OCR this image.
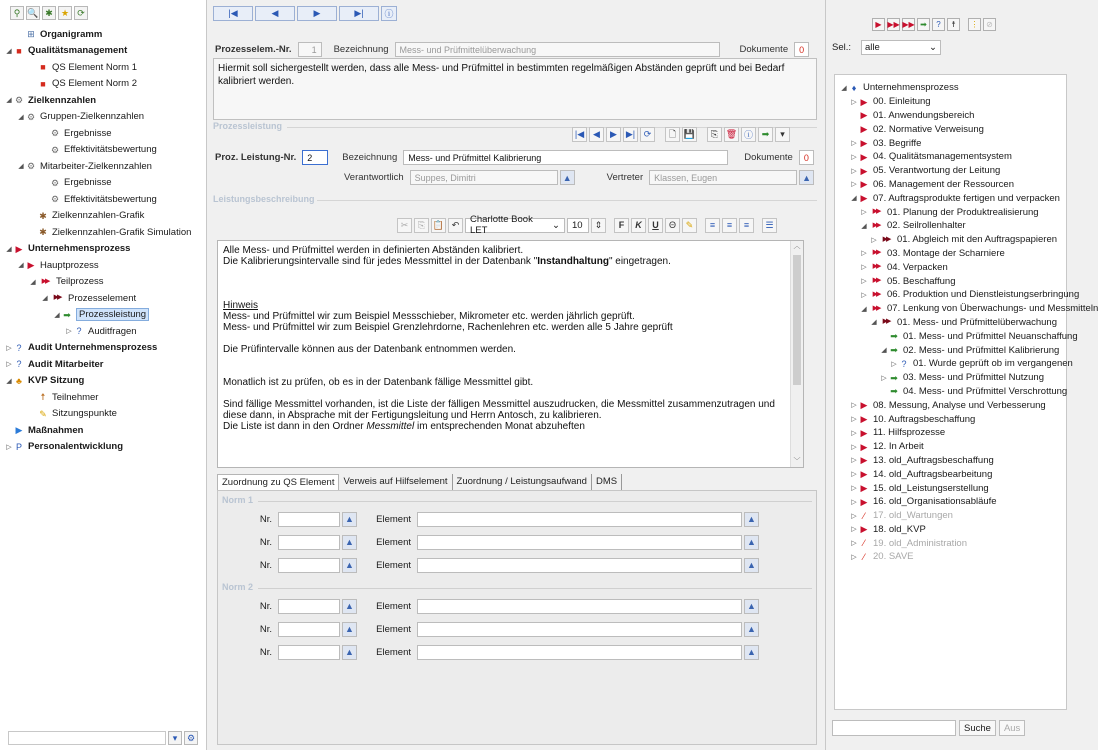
⚲ 🔍 ✱ ★ ⟳
⊞ Organigramm
◢ ■ Qualitätsmanagement
■ QS Element Norm 1
■ QS Element Norm 2
◢ ⚙ Zielkennzahlen
◢ ⚙ Gruppen-Zielkennzahlen
⚙ Ergebnisse
⚙ Effektivitätsbewertung
◢ ⚙ Mitarbeiter-Zielkennzahlen
⚙ Ergebnisse
⚙ Effektivitätsbewertung
✱ Zielkennzahlen-Grafik
✱ Zielkennzahlen-Grafik Simulation
◢ ▶ Unternehmensprozess
◢ ▶ Hauptprozess
◢ ▶▶ Teilprozess
◢ ▶▶ Prozesselement
◢ ➡ Prozessleistung
▷ ? Auditfragen
▷ ? Audit Unternehmensprozess
▷ ? Audit Mitarbeiter
◢ ♣ KVP Sitzung
☨ Teilnehmer
✎ Sitzungspunkte
▶ Maßnahmen
▷ P Personalentwicklung
▾	⚙
|◀	◀	▶	▶|	ⓘ
Prozesselem.-Nr.	1	Bezeichnung	Mess- und Prüfmittelüberwachung	Dokumente	0
Hiermit soll sichergestellt werden, dass alle Mess- und Prüfmittel in bestimmten regelmäßigen Abständen geprüft und bei Bedarf kalibriert werden.
Prozessleistung
|◀ ◀	▶ ▶| ⟳	🗋 💾	⎘ 🗑 ⓘ ➡	▾
Proz. Leistung-Nr.	2	Bezeichnung	Mess- und Prüfmittel Kalibrierung	Dokumente	0
Verantwortlich	Suppes, Dimitri	▲	Vertreter	Klassen, Eugen	▲
Leistungsbeschreibung
✂	⎘ 📋 ↶	Charlotte Book LET	⌄	10	⇕	F	K	U	Θ	✎	≡	≡	≡	☰

Alle Mess- und Prüfmittel werden in definierten Abständen kalibriert.
Die Kalibrierungsintervalle sind für jedes Messmittel in der Datenbank "Instandhaltung" eingetragen.

Hinweis
Mess- und Prüfmittel wir zum Beispiel Messschieber, Mikrometer etc. werden jährlich geprüft.
Mess- und Prüfmittel wir zum Beispiel Grenzlehrdorne, Rachenlehren etc. werden alle 5 Jahre geprüft

Die Prüfintervalle können aus der Datenbank entnommen werden.

Monatlich ist zu prüfen, ob es in der Datenbank fällige Messmittel gibt.

Sind fällige Messmittel vorhanden, ist die Liste der fälligen Messmittel auszudrucken, die Messmittel zusammenzutragen und
diese dann, in Absprache mit der Fertigungsleitung und Herrn Antosch, zu kalibrieren.
Die Liste ist dann in den Ordner Messmittel im entsprechenden Monat abzuheften

︿
﹀
Zuordnung zu QS Element Verweis auf Hilfselement Zuordnung / Leistungsaufwand DMS
Norm 1
Nr.	▲	Element	▲
Nr.	▲	Element	▲
Nr.	▲	Element	▲
Norm 2
Nr.	▲	Element	▲
Nr.	▲	Element	▲
Nr.	▲	Element	▲
▶ ▶▶ ▶▶ ➡	?	☨	⋮ ⊘
Sel.: alle	⌄
◢ ♦ Unternehmensprozess
▷ ▶ 00. Einleitung
▶ 01. Anwendungsbereich
▶ 02. Normative Verweisung
▷ ▶ 03. Begriffe
▷ ▶ 04. Qualitätsmanagementsystem
▷ ▶ 05. Verantwortung der Leitung
▷ ▶ 06. Management der Ressourcen
◢ ▶ 07. Auftragsprodukte fertigen und verpacken
▷ ▶▶ 01. Planung der Produktrealisierung
◢ ▶▶ 02. Seilrollenhalter
▷ ▶▶ 01. Abgleich mit den Auftragspapieren
▷ ▶▶ 03. Montage der Scharniere
▷ ▶▶ 04. Verpacken
▷ ▶▶ 05. Beschaffung
▷ ▶▶ 06. Produktion und Dienstleistungserbringung
◢ ▶▶ 07. Lenkung von Überwachungs- und Messmitteln
◢ ▶▶ 01. Mess- und Prüfmittelüberwachung
➡ 01. Mess- und Prüfmittel Neuanschaffung
◢ ➡ 02. Mess- und Prüfmittel Kalibrierung
▷ ? 01. Wurde geprüft ob im vergangenen
▷ ➡ 03. Mess- und Prüfmittel Nutzung
➡ 04. Mess- und Prüfmittel Verschrottung
▷ ▶ 08. Messung, Analyse und Verbesserung
▷ ▶ 10. Auftragsbeschaffung
▷ ▶ 11. Hilfsprozesse
▷ ▶ 12. In Arbeit
▷ ▶ 13. old_Auftragsbeschaffung
▷ ▶ 14. old_Auftragsbearbeitung
▷ ▶ 15. old_Leistungserstellung
▷ ▶ 16. old_Organisationsabläufe
▷ ⁄ 17. old_Wartungen
▷ ▶ 18. old_KVP
▷ ⁄ 19. old_Administration
▷ ⁄ 20. SAVE
Suche	Aus
